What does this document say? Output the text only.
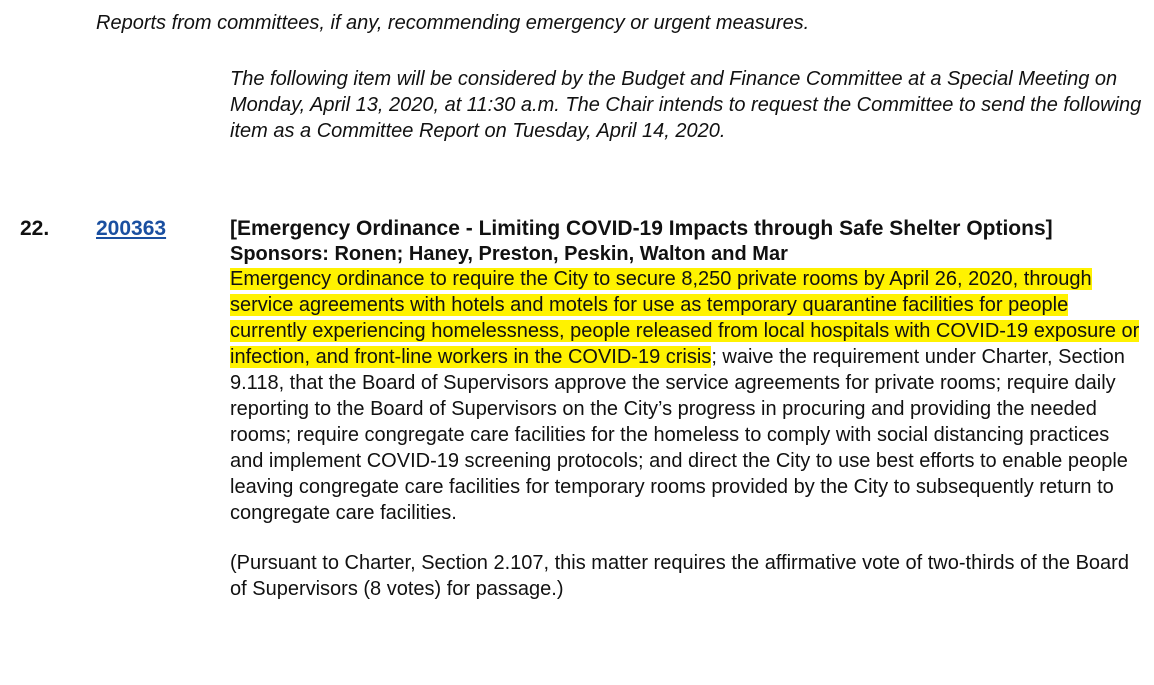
Reports from committees, if any, recommending emergency or urgent measures.
The following item will be considered by the Budget and Finance Committee at a Special Meeting on Monday, April 13, 2020, at 11:30 a.m. The Chair intends to request the Committee to send the following item as a Committee Report on Tuesday, April 14, 2020.
22. 200363	[Emergency Ordinance - Limiting COVID-19 Impacts through Safe Shelter Options]

Sponsors: Ronen; Haney, Preston, Peskin, Walton and Mar

Emergency ordinance to require the City to secure 8,250 private rooms by April 26, 2020, through service agreements with hotels and motels for use as temporary quarantine facilities for people currently experiencing homelessness, people released from local hospitals with COVID-19 exposure or infection, and front-line workers in the COVID-19 crisis; waive the requirement under Charter, Section 9.118, that the Board of Supervisors approve the service agreements for private rooms; require daily reporting to the Board of Supervisors on the City’s progress in procuring and providing the needed rooms; require congregate care facilities for the homeless to comply with social distancing practices and implement COVID-19 screening protocols; and direct the City to use best efforts to enable people leaving congregate care facilities for temporary rooms provided by the City to subsequently return to congregate care facilities.

(Pursuant to Charter, Section 2.107, this matter requires the affirmative vote of two-thirds of the Board of Supervisors (8 votes) for passage.)
